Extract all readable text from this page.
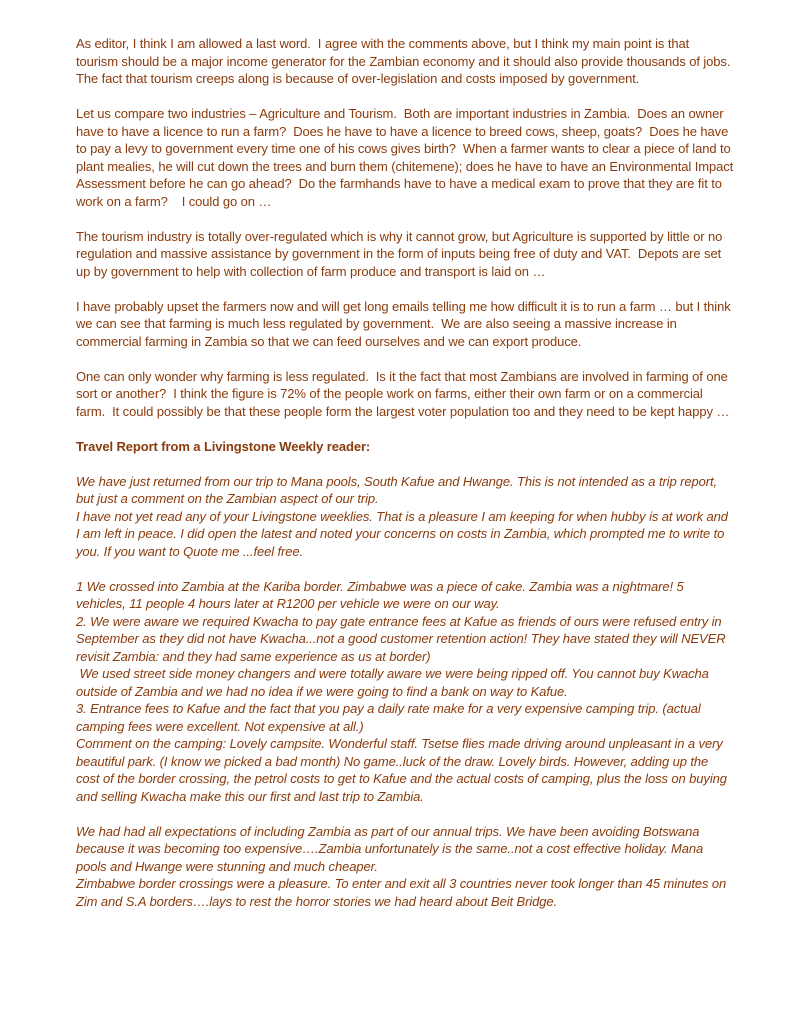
As editor, I think I am allowed a last word.  I agree with the comments above, but I think my main point is that tourism should be a major income generator for the Zambian economy and it should also provide thousands of jobs.  The fact that tourism creeps along is because of over-legislation and costs imposed by government.

Let us compare two industries – Agriculture and Tourism.  Both are important industries in Zambia.  Does an owner have to have a licence to run a farm?  Does he have to have a licence to breed cows, sheep, goats?  Does he have to pay a levy to government every time one of his cows gives birth?  When a farmer wants to clear a piece of land to plant mealies, he will cut down the trees and burn them (chitemene); does he have to have an Environmental Impact Assessment before he can go ahead?  Do the farmhands have to have a medical exam to prove that they are fit to work on a farm?    I could go on …

The tourism industry is totally over-regulated which is why it cannot grow, but Agriculture is supported by little or no regulation and massive assistance by government in the form of inputs being free of duty and VAT.  Depots are set up by government to help with collection of farm produce and transport is laid on …

I have probably upset the farmers now and will get long emails telling me how difficult it is to run a farm … but I think we can see that farming is much less regulated by government.  We are also seeing a massive increase in commercial farming in Zambia so that we can feed ourselves and we can export produce.

One can only wonder why farming is less regulated.  Is it the fact that most Zambians are involved in farming of one sort or another?  I think the figure is 72% of the people work on farms, either their own farm or on a commercial farm.  It could possibly be that these people form the largest voter population too and they need to be kept happy …

Travel Report from a Livingstone Weekly reader:

We have just returned from our trip to Mana pools, South Kafue and Hwange. This is not intended as a trip report, but just a comment on the Zambian aspect of our trip.

I have not yet read any of your Livingstone weeklies. That is a pleasure I am keeping for when hubby is at work and I am left in peace. I did open the latest and noted your concerns on costs in Zambia, which prompted me to write to you. If you want to Quote me ...feel free.

1 We crossed into Zambia at the Kariba border. Zimbabwe was a piece of cake. Zambia was a nightmare! 5 vehicles, 11 people 4 hours later at R1200 per vehicle we were on our way.

2. We were aware we required Kwacha to pay gate entrance fees at Kafue as friends of ours were refused entry in September as they did not have Kwacha...not a good customer retention action! They have stated they will NEVER revisit Zambia: and they had same experience as us at border)

We used street side money changers and were totally aware we were being ripped off. You cannot buy Kwacha outside of Zambia and we had no idea if we were going to find a bank on way to Kafue.

3. Entrance fees to Kafue and the fact that you pay a daily rate make for a very expensive camping trip. (actual camping fees were excellent. Not expensive at all.)

Comment on the camping: Lovely campsite. Wonderful staff. Tsetse flies made driving around unpleasant in a very beautiful park. (I know we picked a bad month) No game..luck of the draw. Lovely birds. However, adding up the cost of the border crossing, the petrol costs to get to Kafue and the actual costs of camping, plus the loss on buying and selling Kwacha make this our first and last trip to Zambia.

We had had all expectations of including Zambia as part of our annual trips. We have been avoiding Botswana because it was becoming too expensive….Zambia unfortunately is the same..not a cost effective holiday. Mana pools and Hwange were stunning and much cheaper.

Zimbabwe border crossings were a pleasure. To enter and exit all 3 countries never took longer than 45 minutes on Zim and S.A borders….lays to rest the horror stories we had heard about Beit Bridge.
